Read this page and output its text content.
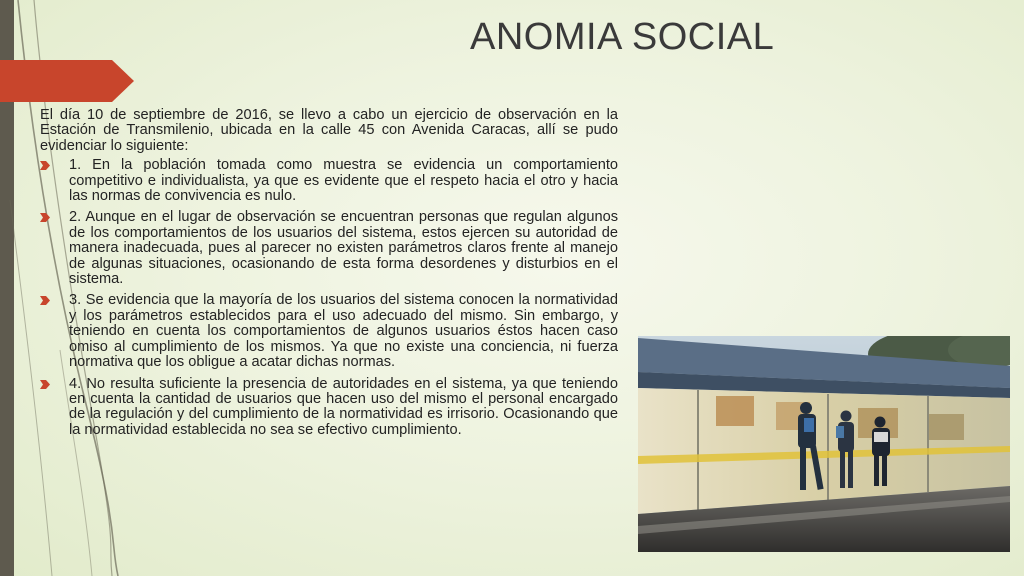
ANOMIA SOCIAL

El día 10 de septiembre de 2016, se llevo a cabo un ejercicio de observación en la Estación de Transmilenio, ubicada en la calle 45 con Avenida Caracas, allí se pudo evidenciar lo siguiente:

1. En la población tomada como muestra se evidencia un comportamiento competitivo e individualista, ya que es evidente que el respeto hacia el otro y hacia las normas de convivencia es nulo.
2. Aunque en el lugar de observación se encuentran personas que regulan algunos de los comportamientos de los usuarios del sistema, estos ejercen su autoridad de manera inadecuada, pues al parecer no existen parámetros claros frente al manejo de algunas situaciones, ocasionando de esta forma desordenes y disturbios en el sistema.
3. Se evidencia que la mayoría de los usuarios del sistema conocen la normatividad y los parámetros establecidos para el uso adecuado del mismo. Sin embargo, y teniendo en cuenta los comportamientos de algunos usuarios éstos hacen caso omiso al cumplimiento de los mismos. Ya que no existe una conciencia, ni fuerza normativa que los obligue a acatar dichas normas.
4. No resulta suficiente la presencia de autoridades en el sistema, ya que teniendo en cuenta la cantidad de usuarios que hacen uso del mismo el personal encargado de la regulación y del cumplimiento de la normatividad es irrisorio. Ocasionando que la normatividad establecida no sea se efectivo cumplimiento.
